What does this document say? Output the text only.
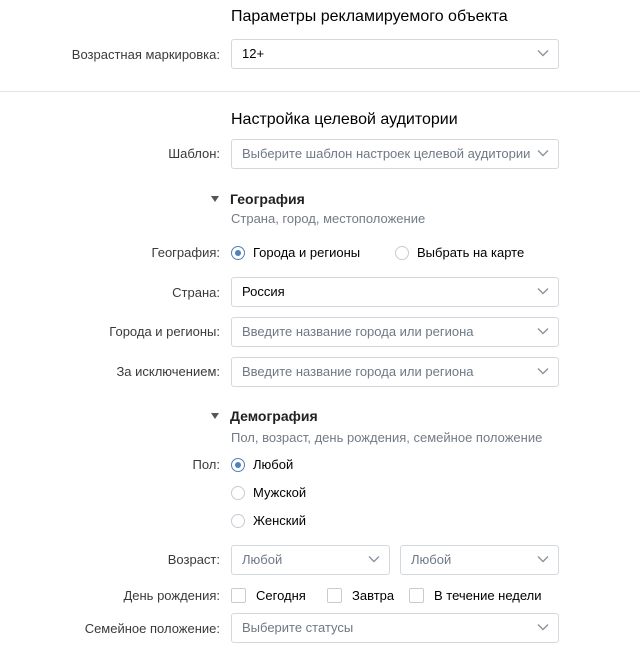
Параметры рекламируемого объекта
Возрастная маркировка:	12+
Настройка целевой аудитории
Шаблон:	Выберите шаблон настроек целевой аудитории
География
Страна, город, местоположение
География:	Города и регионы	Выбрать на карте
Страна:	Россия
Города и регионы:	Введите название города или региона
За исключением:	Введите название города или региона
Демография
Пол, возраст, день рождения, семейное положение
Пол:	Любой
Мужской
Женский
Возраст:	Любой	Любой
День рождения:	Сегодня	Завтра	В течение недели
Семейное положение:	Выберите статусы
